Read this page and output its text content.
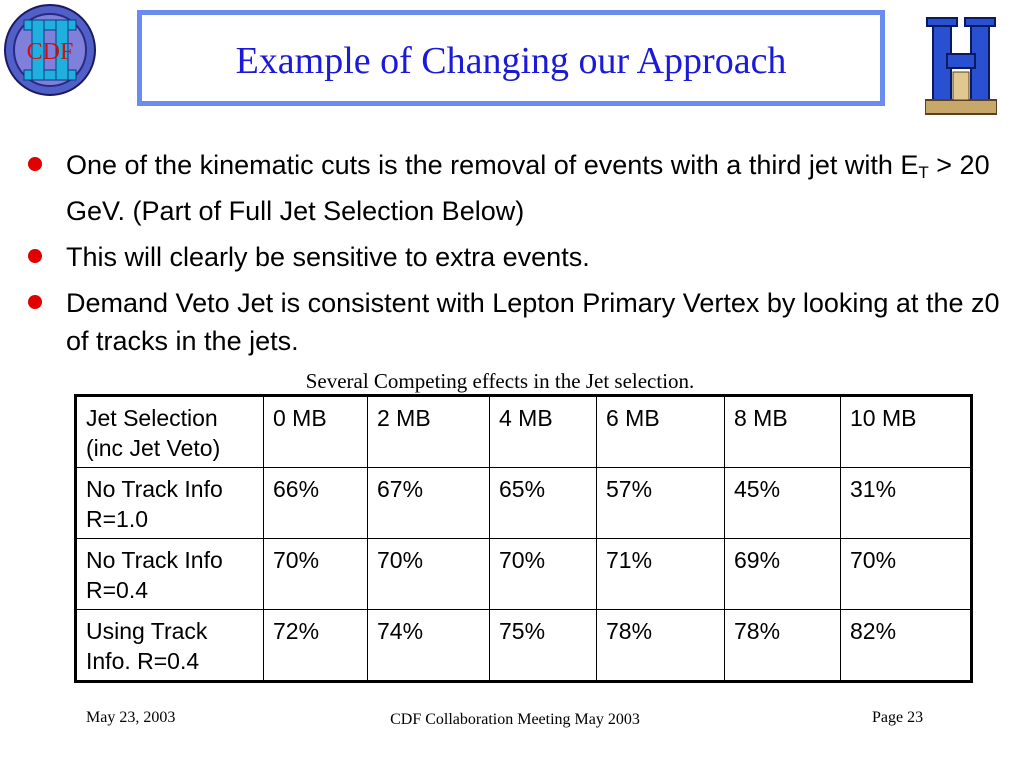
CDF	Example of Changing our Approach
One of the kinematic cuts is the removal of events with a third jet with $E_T > 20$ GeV. (Part of Full Jet Selection Below)
This will clearly be sensitive to extra events.
Demand Veto Jet is consistent with Lepton Primary Vertex by looking at the z0 of tracks in the jets.
Several Competing effects in the Jet selection.
Jet Selection (inc Jet Veto)	0 MB	2 MB	4 MB	6 MB	8 MB	10 MB
No Track Info R=1.0	66%	67%	65%	57%	45%	31%
No Track Info R=0.4	70%	70%	70%	71%	69%	70%
Using Track Info. R=0.4	72%	74%	75%	78%	78%	82%
May 23, 2003	CDF Collaboration Meeting May 2003	Page 23
